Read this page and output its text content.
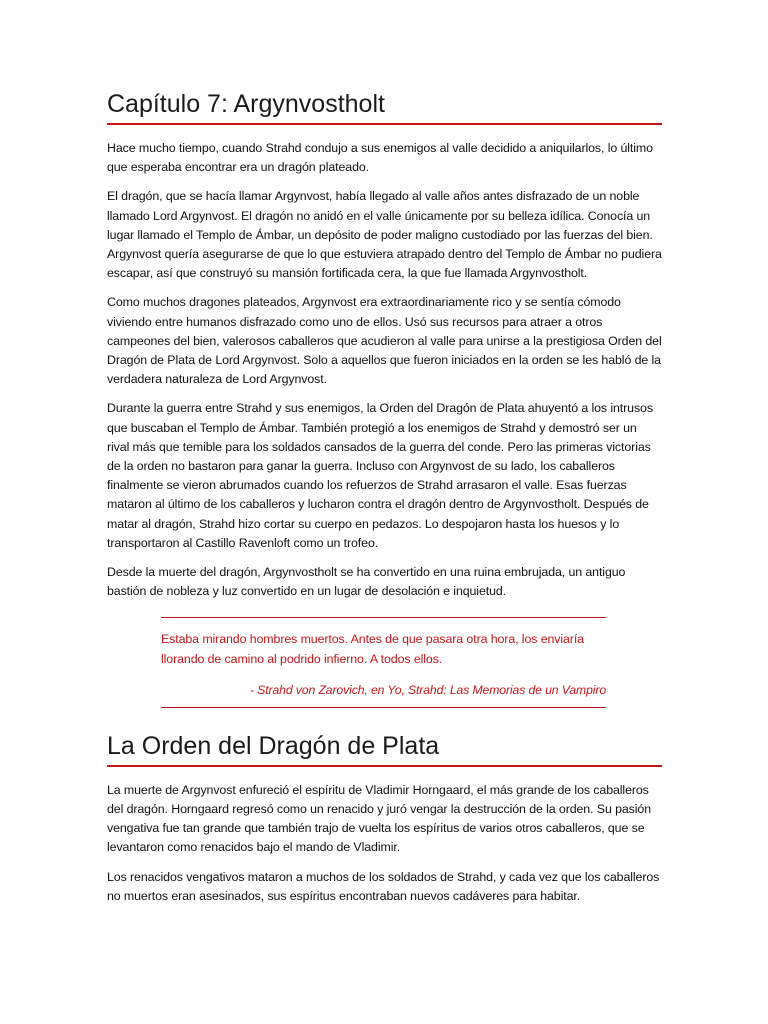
Capítulo 7: Argynvostholt

Hace mucho tiempo, cuando Strahd condujo a sus enemigos al valle decidido a aniquilarlos, lo último que esperaba encontrar era un dragón plateado.

El dragón, que se hacía llamar Argynvost, había llegado al valle años antes disfrazado de un noble llamado Lord Argynvost. El dragón no anidó en el valle únicamente por su belleza idílica. Conocía un lugar llamado el Templo de Ámbar, un depósito de poder maligno custodiado por las fuerzas del bien. Argynvost quería asegurarse de que lo que estuviera atrapado dentro del Templo de Ámbar no pudiera escapar, así que construyó su mansión fortificada cera, la que fue llamada Argynvostholt.

Como muchos dragones plateados, Argynvost era extraordinariamente rico y se sentía cómodo viviendo entre humanos disfrazado como uno de ellos. Usó sus recursos para atraer a otros campeones del bien, valerosos caballeros que acudieron al valle para unirse a la prestigiosa Orden del Dragón de Plata de Lord Argynvost. Solo a aquellos que fueron iniciados en la orden se les habló de la verdadera naturaleza de Lord Argynvost.

Durante la guerra entre Strahd y sus enemigos, la Orden del Dragón de Plata ahuyentó a los intrusos que buscaban el Templo de Ámbar. También protegió a los enemigos de Strahd y demostró ser un rival más que temible para los soldados cansados de la guerra del conde. Pero las primeras victorias de la orden no bastaron para ganar la guerra. Incluso con Argynvost de su lado, los caballeros finalmente se vieron abrumados cuando los refuerzos de Strahd arrasaron el valle. Esas fuerzas mataron al último de los caballeros y lucharon contra el dragón dentro de Argynvostholt. Después de matar al dragón, Strahd hizo cortar su cuerpo en pedazos. Lo despojaron hasta los huesos y lo transportaron al Castillo Ravenloft como un trofeo.

Desde la muerte del dragón, Argynvostholt se ha convertido en una ruina embrujada, un antiguo bastión de nobleza y luz convertido en un lugar de desolación e inquietud.

Estaba mirando hombres muertos. Antes de que pasara otra hora, los enviaría llorando de camino al podrido infierno. A todos ellos.

- Strahd von Zarovich, en Yo, Strahd: Las Memorias de un Vampiro

La Orden del Dragón de Plata

La muerte de Argynvost enfureció el espíritu de Vladimir Horngaard, el más grande de los caballeros del dragón. Horngaard regresó como un renacido y juró vengar la destrucción de la orden. Su pasión vengativa fue tan grande que también trajo de vuelta los espíritus de varios otros caballeros, que se levantaron como renacidos bajo el mando de Vladimir.

Los renacidos vengativos mataron a muchos de los soldados de Strahd, y cada vez que los caballeros no muertos eran asesinados, sus espíritus encontraban nuevos cadáveres para habitar.
